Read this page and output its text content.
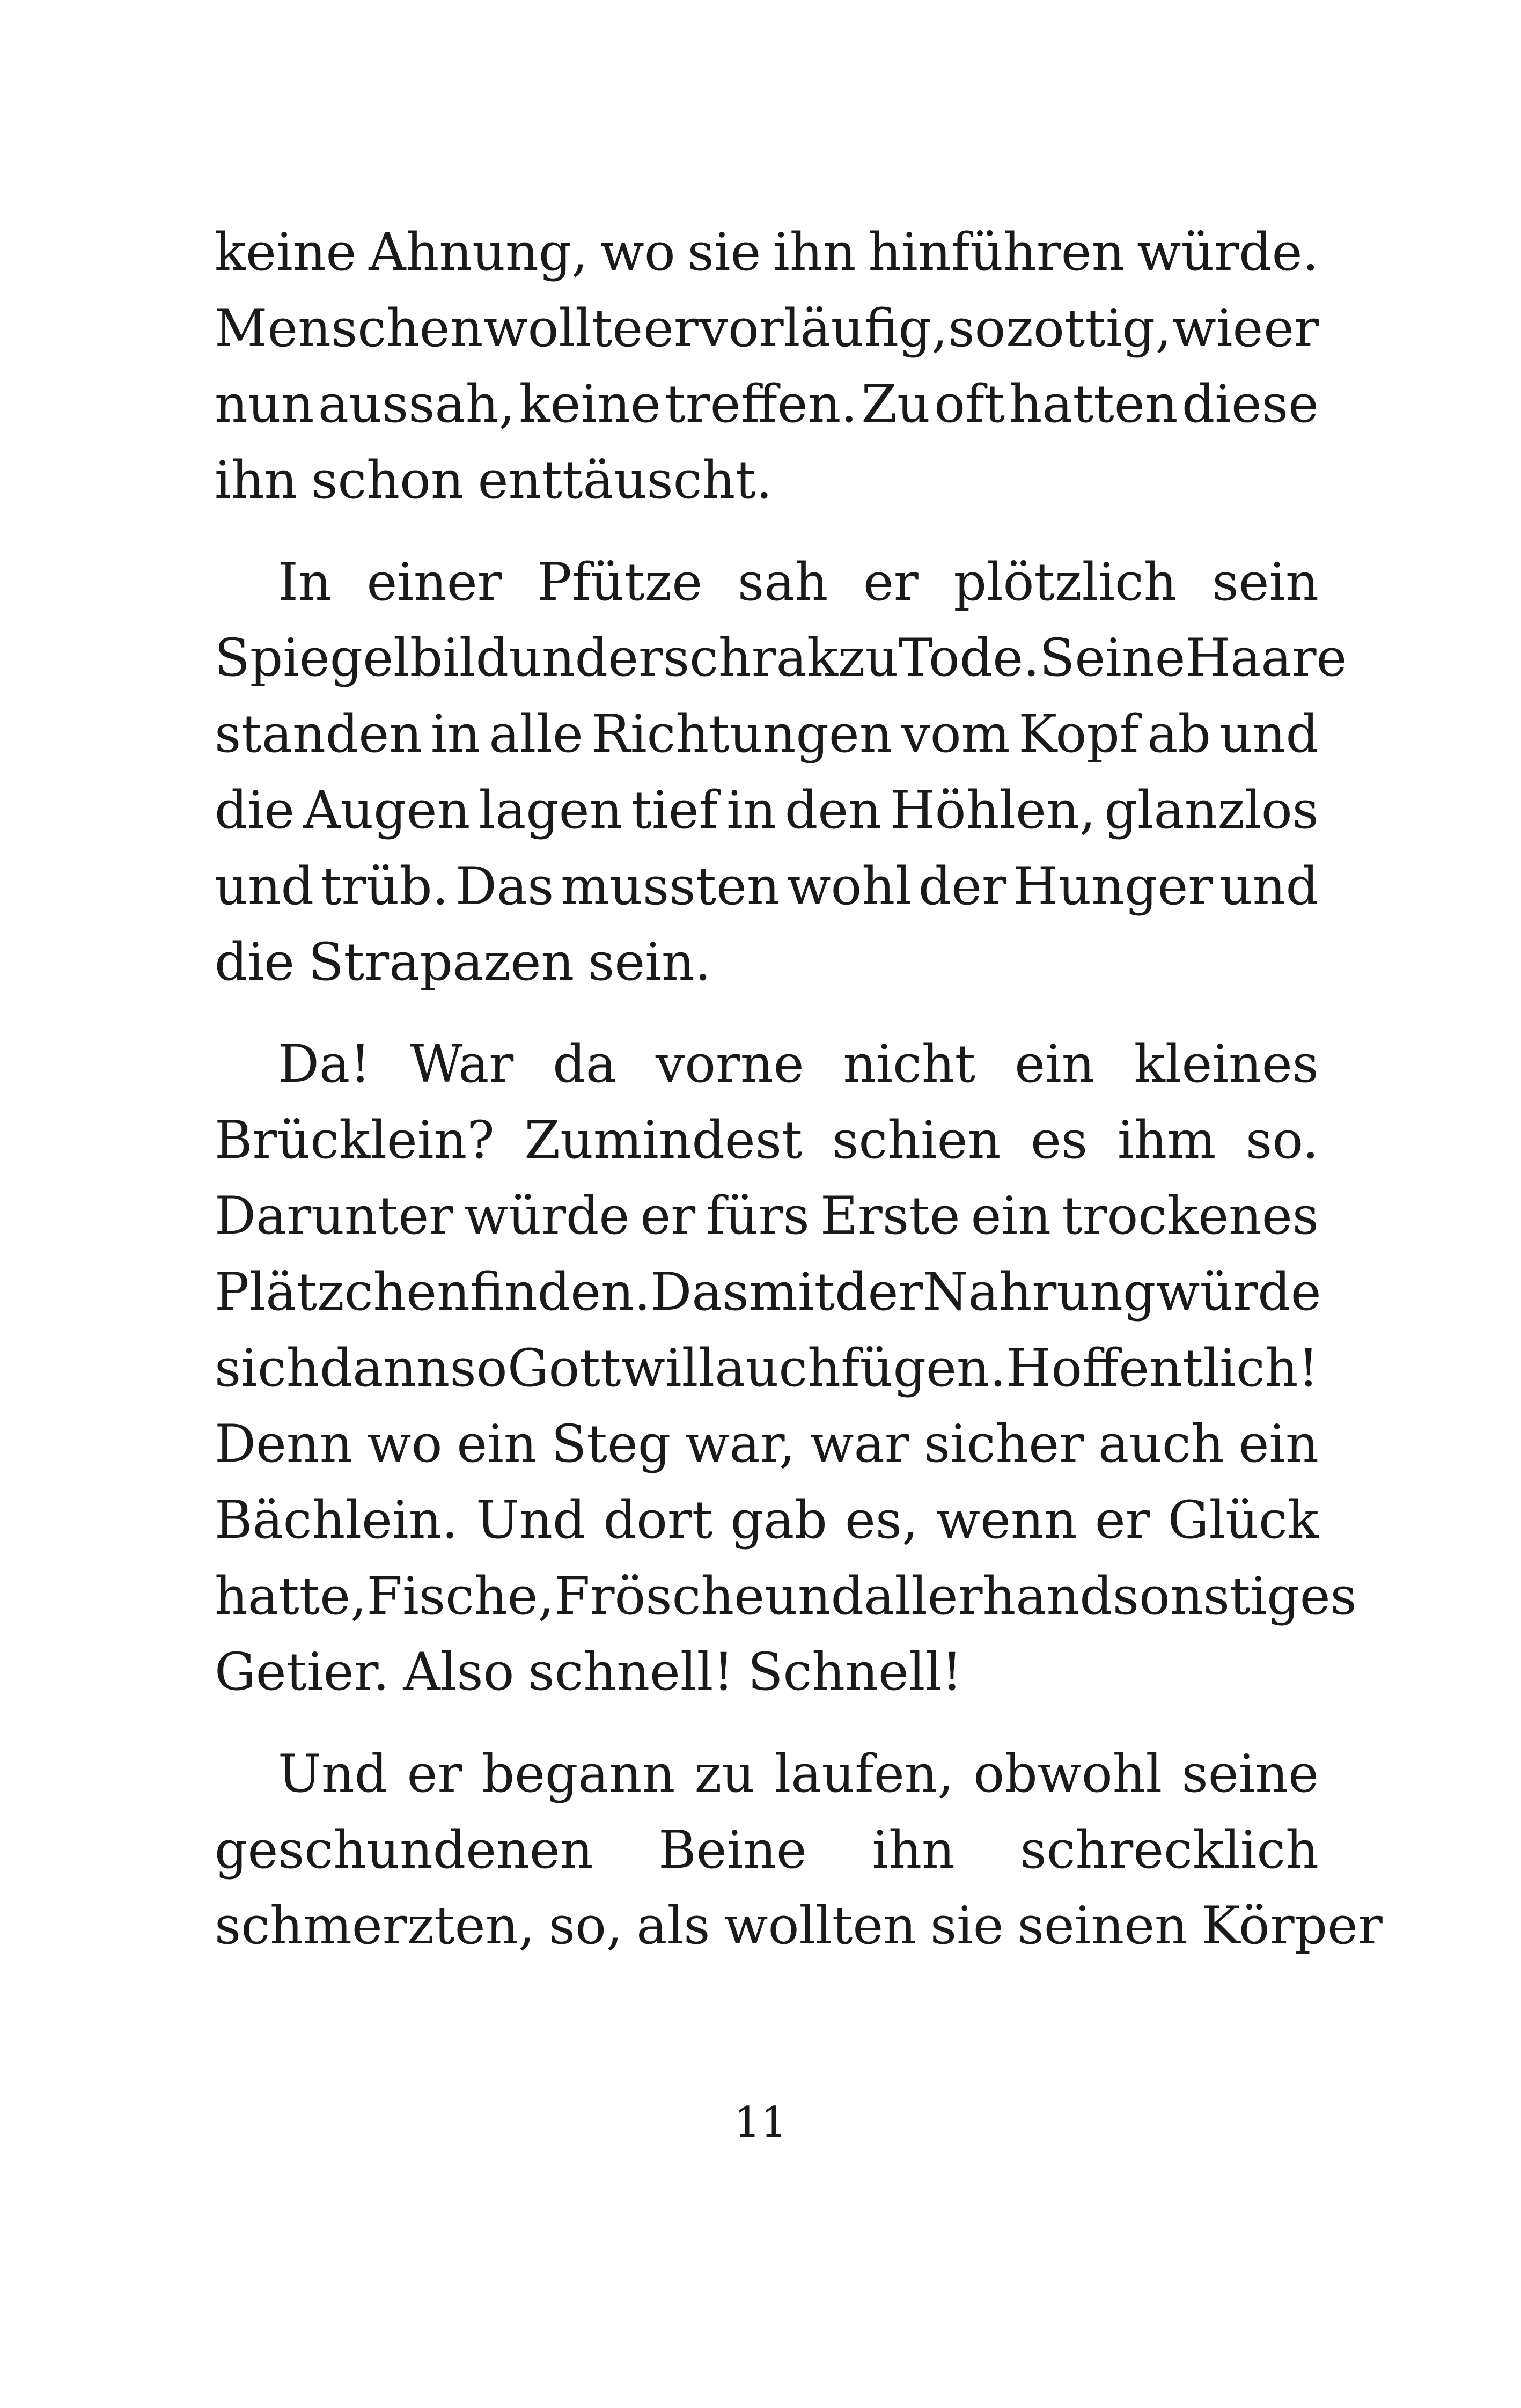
keine Ahnung, wo sie ihn hinführen würde.
Menschen wollte er vorläufig, so zottig, wie er
nun aussah, keine treffen. Zu oft hatten diese
ihn schon enttäuscht.
In einer Pfütze sah er plötzlich sein
Spiegelbild und erschrak zu Tode. Seine Haare
standen in alle Richtungen vom Kopf ab und
die Augen lagen tief in den Höhlen, glanzlos
und trüb. Das mussten wohl der Hunger und
die Strapazen sein.
Da! War da vorne nicht ein kleines
Brücklein? Zumindest schien es ihm so.
Darunter würde er fürs Erste ein trockenes
Plätzchen finden. Das mit der Nahrung würde
sich dann so Gott will auch fügen. Hoffentlich!
Denn wo ein Steg war, war sicher auch ein
Bächlein. Und dort gab es, wenn er Glück
hatte, Fische, Frösche und allerhand sonstiges
Getier. Also schnell! Schnell!
Und er begann zu laufen, obwohl seine
geschundenen Beine ihn schrecklich
schmerzten, so, als wollten sie seinen Körper
11
